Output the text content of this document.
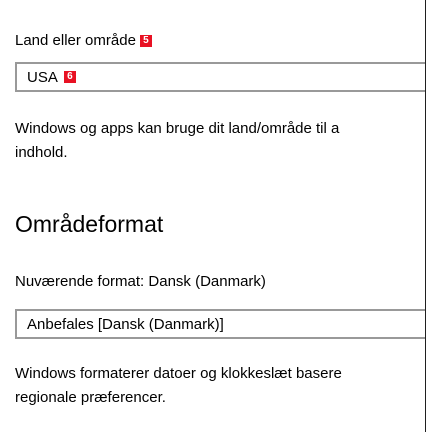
Land eller område 5
USA 6
Windows og apps kan bruge dit land/område til a
indhold.
Områdeformat
Nuværende format: Dansk (Danmark)
Anbefales [Dansk (Danmark)]
Windows formaterer datoer og klokkeslæt basere
regionale præferencer.
